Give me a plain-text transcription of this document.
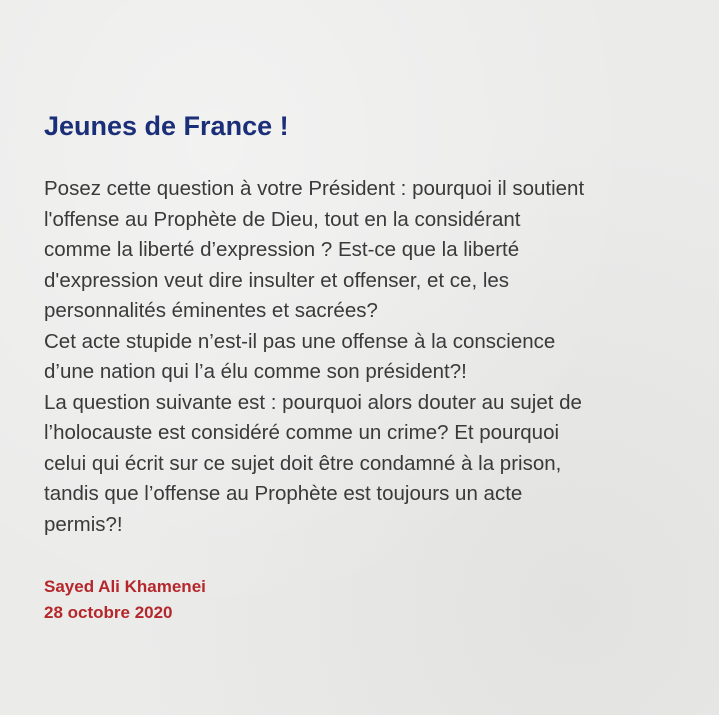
Jeunes de France !

Posez cette question à votre Président : pourquoi il soutient
l'offense au Prophète de Dieu, tout en la considérant
comme la liberté d’expression ? Est-ce que la liberté
d'expression veut dire insulter et offenser, et ce, les
personnalités éminentes et sacrées?
Cet acte stupide n’est-il pas une offense à la conscience
d’une nation qui l’a élu comme son président?!
La question suivante est : pourquoi alors douter au sujet de
l’holocauste est considéré comme un crime? Et pourquoi
celui qui écrit sur ce sujet doit être condamné à la prison,
tandis que l’offense au Prophète est toujours un acte
permis?!

Sayed Ali Khamenei
28 octobre 2020
